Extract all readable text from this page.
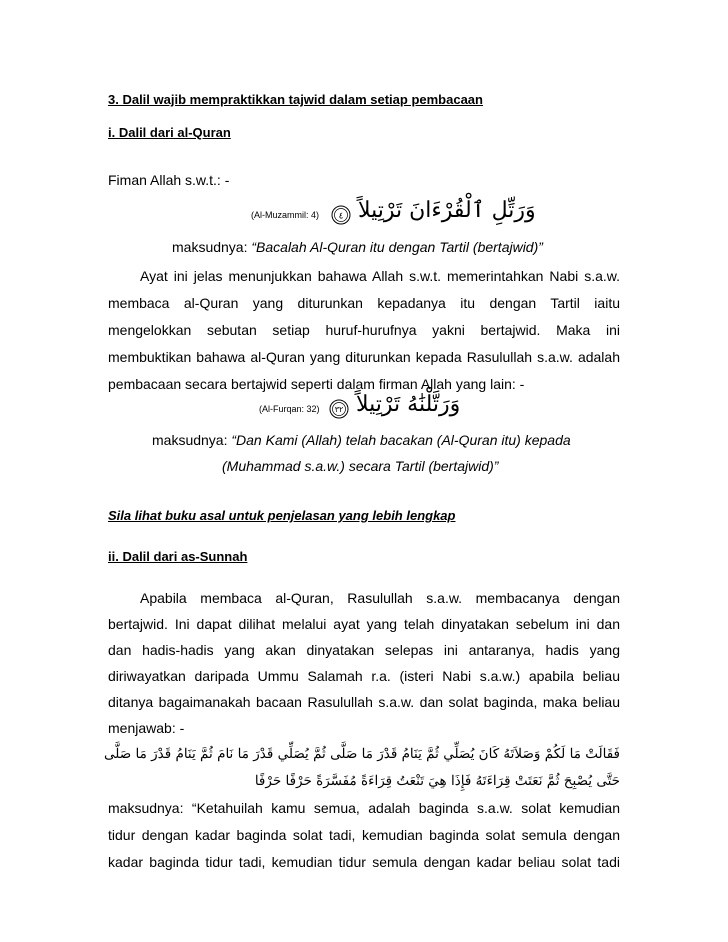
3. Dalil wajib mempraktikkan tajwid dalam setiap pembacaan
i. Dalil dari al-Quran
Fiman Allah s.w.t.: -
(Al-Muzammil: 4) ٤ وَرَتِّلِ ٱلْقُرْءَانَ تَرْتِيلاً
maksudnya: “Bacalah Al-Quran itu dengan Tartil (bertajwid)”
Ayat ini jelas menunjukkan bahawa Allah s.w.t. memerintahkan Nabi s.a.w.
membaca al-Quran yang diturunkan kepadanya itu dengan Tartil iaitu
mengelokkan sebutan setiap huruf-hurufnya yakni bertajwid. Maka ini
membuktikan bahawa al-Quran yang diturunkan kepada Rasulullah s.a.w. adalah
pembacaan secara bertajwid seperti dalam firman Allah yang lain: -
(Al-Furqan: 32) ٣٢ وَرَتَّلْنَٰهُ تَرْتِيلاً
maksudnya: “Dan Kami (Allah) telah bacakan (Al-Quran itu) kepada
(Muhammad s.a.w.) secara Tartil (bertajwid)”
Sila lihat buku asal untuk penjelasan yang lebih lengkap
ii. Dalil dari as-Sunnah
Apabila membaca al-Quran, Rasulullah s.a.w. membacanya dengan
bertajwid. Ini dapat dilihat melalui ayat yang telah dinyatakan sebelum ini dan
dan hadis-hadis yang akan dinyatakan selepas ini antaranya, hadis yang
diriwayatkan daripada Ummu Salamah r.a. (isteri Nabi s.a.w.) apabila beliau
ditanya bagaimanakah bacaan Rasulullah s.a.w. dan solat baginda, maka beliau
menjawab: -
فَقَالَتْ مَا لَكُمْ وَصَلاَتَهُ كَانَ يُصَلِّي ثُمَّ يَنَامُ قَدْرَ مَا صَلَّى ثُمَّ يُصَلِّي قَدْرَ مَا نَامَ ثُمَّ يَنَامُ قَدْرَ مَا صَلَّى
حَتَّى يُصْبِحَ ثُمَّ نَعَتَتْ قِرَاءَتَهُ فَإِذَا هِيَ تَنْعَتُ قِرَاءَةً مُفَسَّرَةً حَرْفًا حَرْفًا
maksudnya: “Ketahuilah kamu semua, adalah baginda s.a.w. solat kemudian
tidur dengan kadar baginda solat tadi, kemudian baginda solat semula dengan
kadar baginda tidur tadi, kemudian tidur semula dengan kadar beliau solat tadi
